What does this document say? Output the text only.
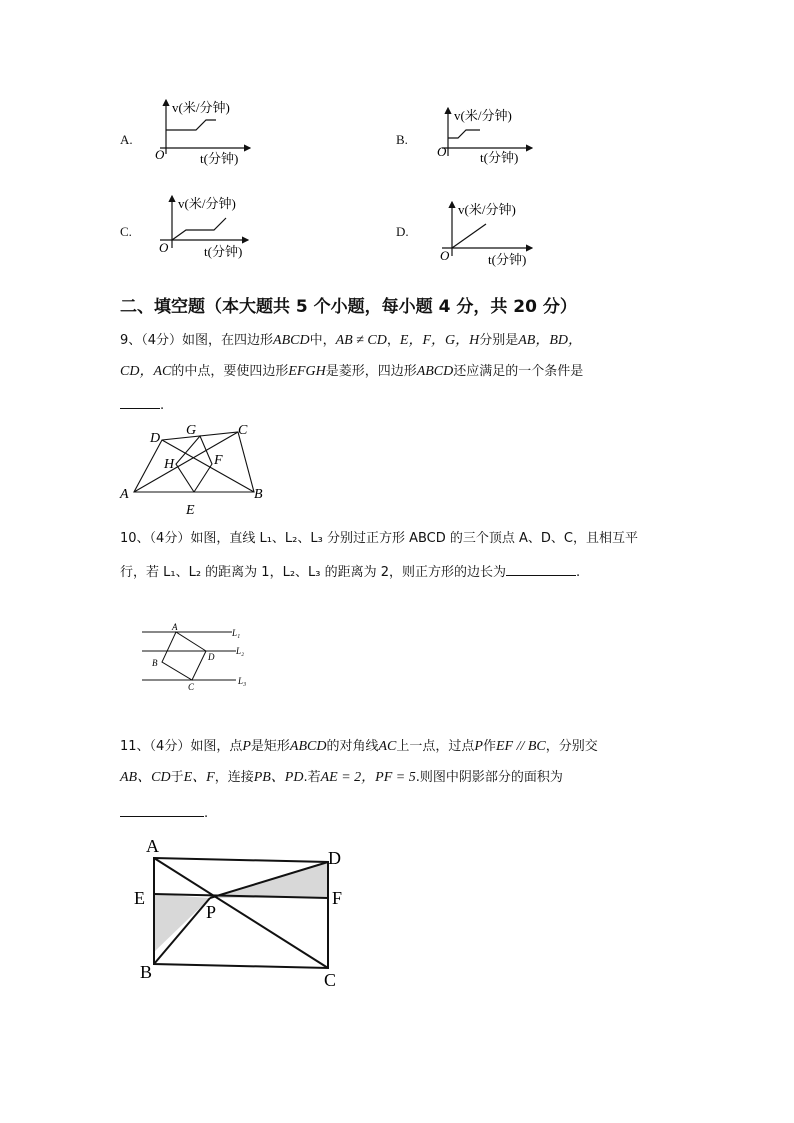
A.
v(米/分钟)
t(分钟)
O
B.
v(米/分钟)
t(分钟)
O
C.
v(米/分钟)
t(分钟)
O
D.
v(米/分钟)
t(分钟)
O
二、填空题（本大题共 5 个小题，每小题 4 分，共 20 分）
9、（4分）如图，在四边形ABCD中，AB ≠ CD，E，F，G，H分别是AB，BD，
CD，AC的中点，要使四边形EFGH是菱形，四边形ABCD还应满足的一个条件是
.
D
G	C
H	F
A
E
B
10、（4分）如图，直线 L₁、L₂、L₃ 分别过正方形 ABCD 的三个顶点 A、D、C，且相互平
行，若 L₁、L₂ 的距离为 1，L₂、L₃ 的距离为 2，则正方形的边长为	.
A
L₁
L₂
D
B
C
L₃
11、（4分）如图，点P是矩形ABCD的对角线AC上一点，过点P作EF // BC，分别交
AB、CD于E、F，连接PB、PD.若AE = 2，PF = 5.则图中阴影部分的面积为
.
A
D
E
P
F
B	C
